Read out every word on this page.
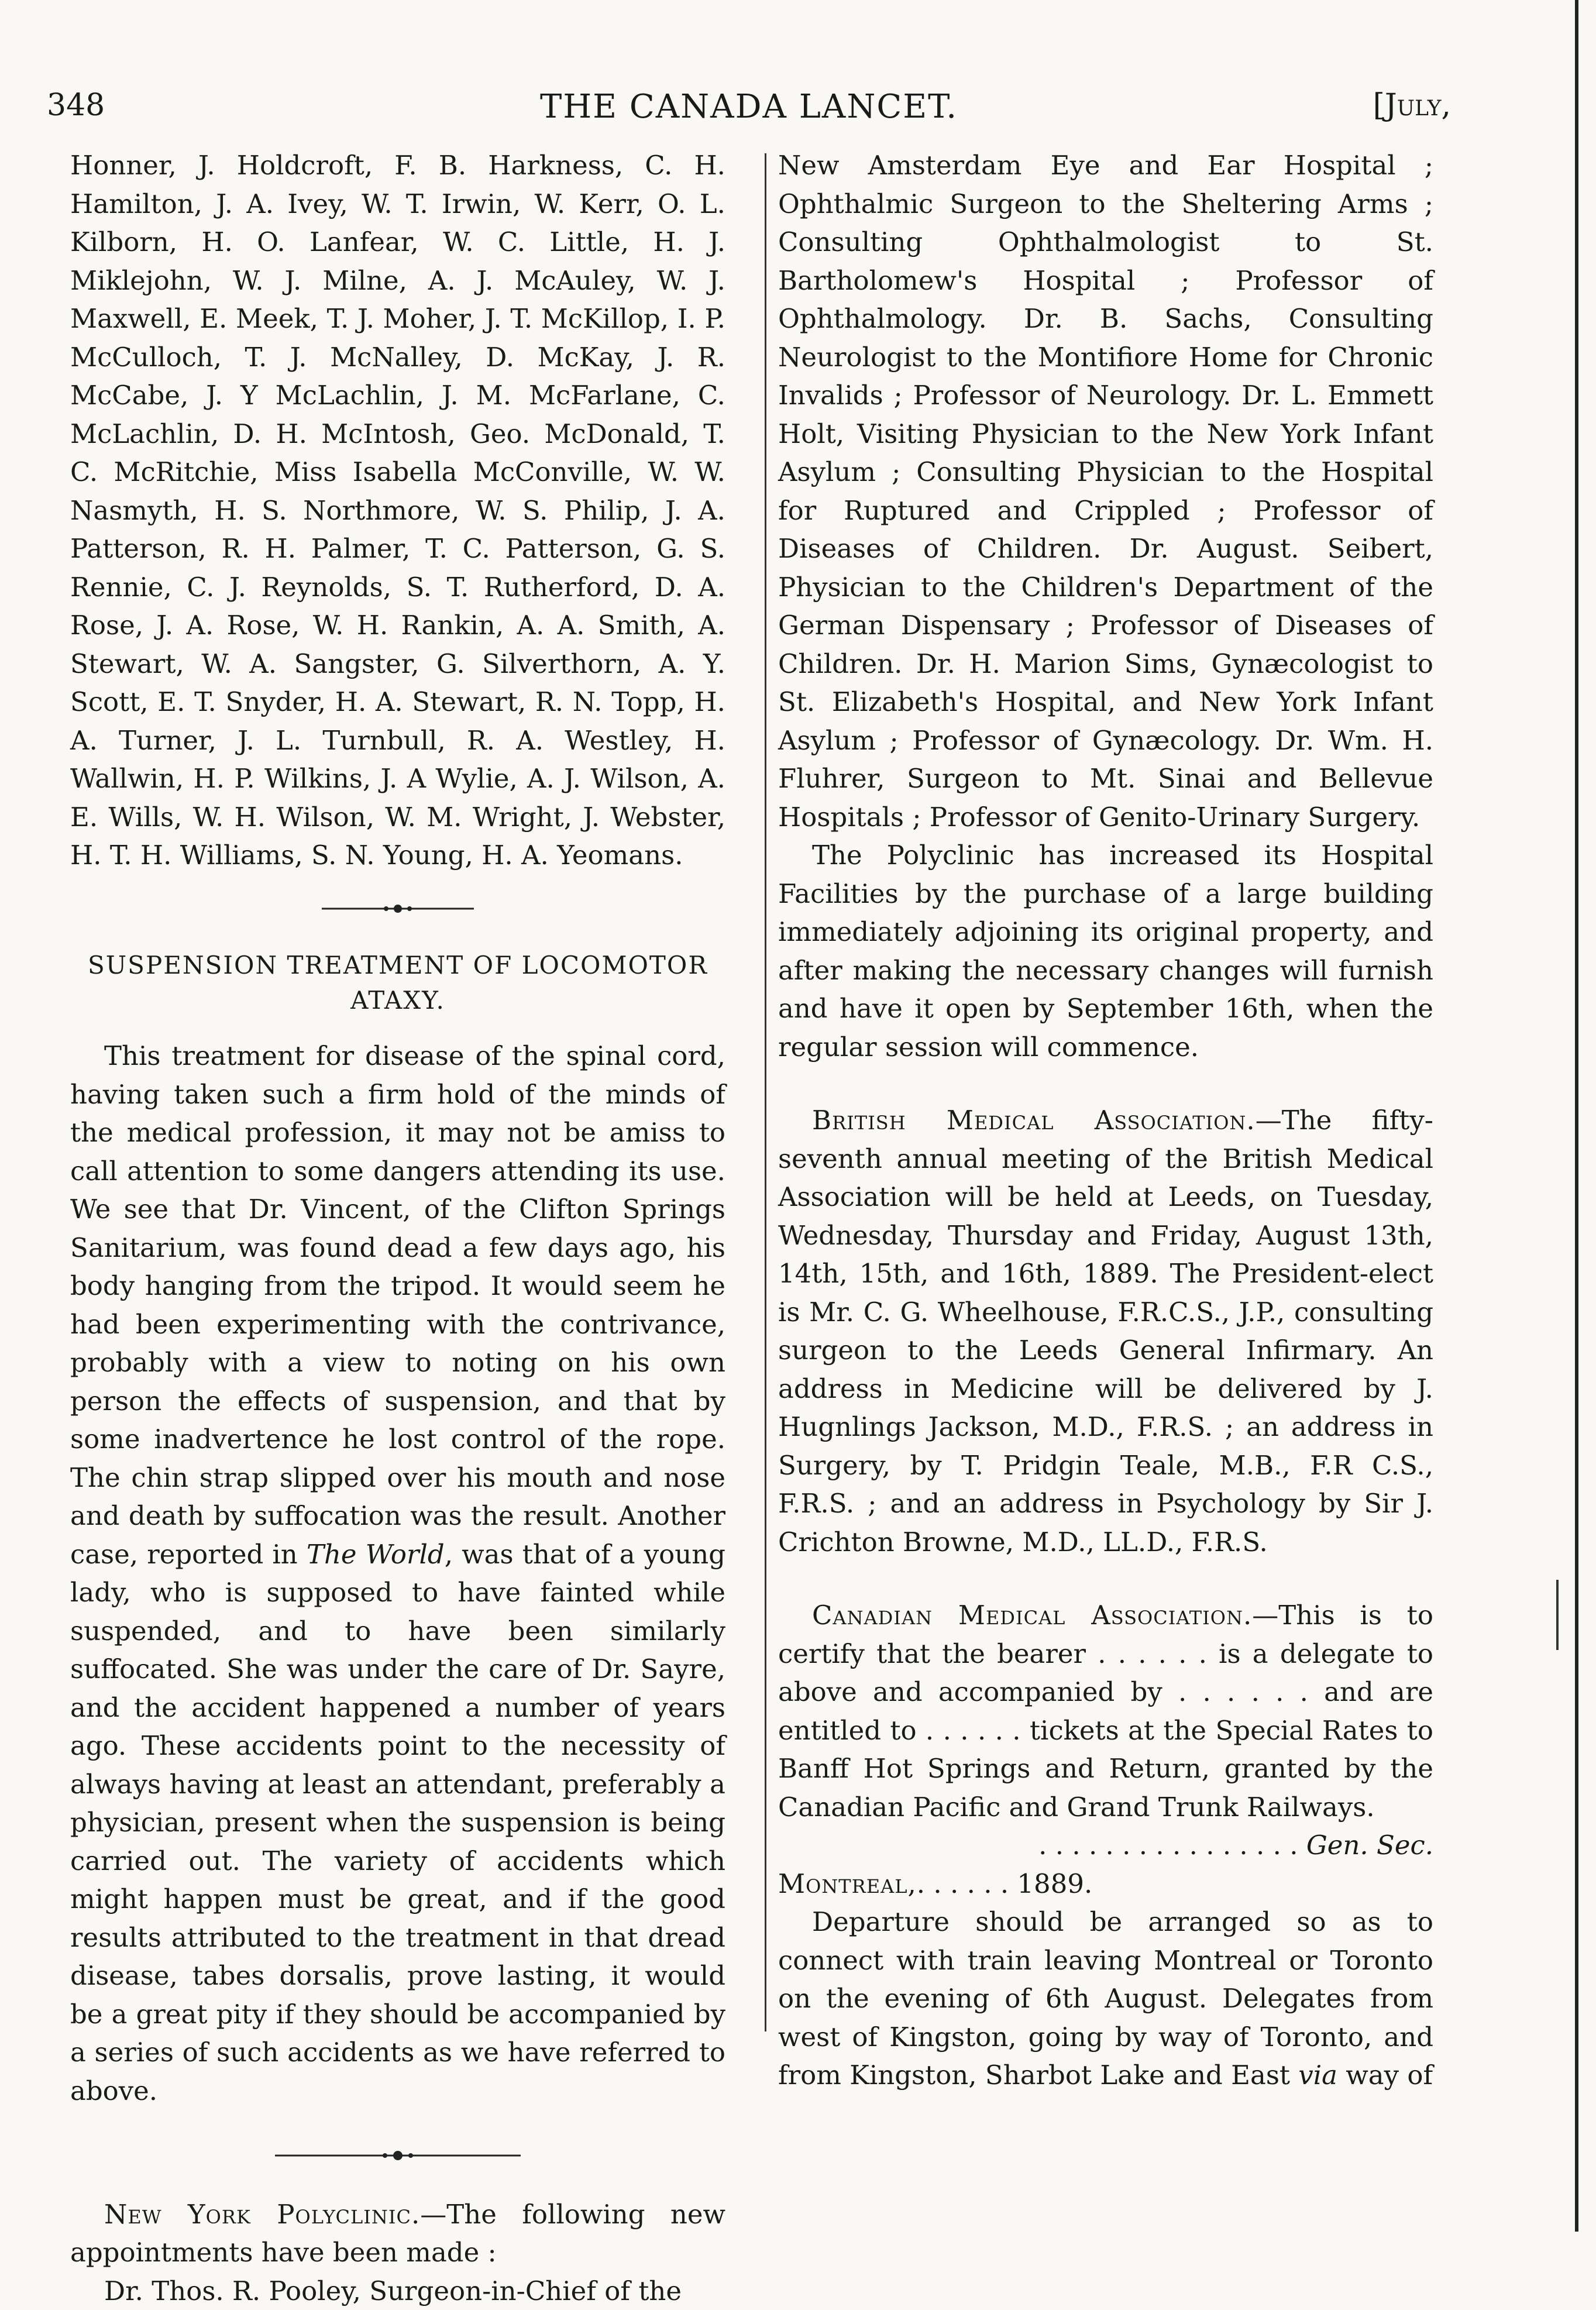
348	THE CANADA LANCET.	[July,

Honner, J. Holdcroft, F. B. Harkness, C. H. Hamilton, J. A. Ivey, W. T. Irwin, W. Kerr, O. L. Kilborn, H. O. Lanfear, W. C. Little, H. J. Miklejohn, W. J. Milne, A. J. McAuley, W. J. Maxwell, E. Meek, T. J. Moher, J. T. McKillop, I. P. McCulloch, T. J. McNalley, D. McKay, J. R. McCabe, J. Y McLachlin, J. M. McFarlane, C. McLachlin, D. H. McIntosh, Geo. McDonald, T. C. McRitchie, Miss Isabella McConville, W. W. Nasmyth, H. S. Northmore, W. S. Philip, J. A. Patterson, R. H. Palmer, T. C. Patterson, G. S. Rennie, C. J. Reynolds, S. T. Rutherford, D. A. Rose, J. A. Rose, W. H. Rankin, A. A. Smith, A. Stewart, W. A. Sangster, G. Silverthorn, A. Y. Scott, E. T. Snyder, H. A. Stewart, R. N. Topp, H. A. Turner, J. L. Turnbull, R. A. Westley, H. Wallwin, H. P. Wilkins, J. A Wylie, A. J. Wilson, A. E. Wills, W. H. Wilson, W. M. Wright, J. Webster, H. T. H. Williams, S. N. Young, H. A. Yeomans.

SUSPENSION TREATMENT OF LOCOMOTOR ATAXY.

This treatment for disease of the spinal cord, having taken such a firm hold of the minds of the medical profession, it may not be amiss to call attention to some dangers attending its use. We see that Dr. Vincent, of the Clifton Springs Sanitarium, was found dead a few days ago, his body hanging from the tripod. It would seem he had been experimenting with the contrivance, probably with a view to noting on his own person the effects of suspension, and that by some inadvertence he lost control of the rope. The chin strap slipped over his mouth and nose and death by suffocation was the result. Another case, reported in The World, was that of a young lady, who is supposed to have fainted while suspended, and to have been similarly suffocated. She was under the care of Dr. Sayre, and the accident happened a number of years ago. These accidents point to the necessity of always having at least an attendant, preferably a physician, present when the suspension is being carried out. The variety of accidents which might happen must be great, and if the good results attributed to the treatment in that dread disease, tabes dorsalis, prove lasting, it would be a great pity if they should be accompanied by a series of such accidents as we have referred to above.

New York Polyclinic.—The following new appointments have been made :

Dr. Thos. R. Pooley, Surgeon-in-Chief of the

New Amsterdam Eye and Ear Hospital ; Ophthalmic Surgeon to the Sheltering Arms ; Consulting Ophthalmologist to St. Bartholomew's Hospital ; Professor of Ophthalmology. Dr. B. Sachs, Consulting Neurologist to the Montifiore Home for Chronic Invalids ; Professor of Neurology. Dr. L. Emmett Holt, Visiting Physician to the New York Infant Asylum ; Consulting Physician to the Hospital for Ruptured and Crippled ; Professor of Diseases of Children. Dr. August. Seibert, Physician to the Children's Department of the German Dispensary ; Professor of Diseases of Children. Dr. H. Marion Sims, Gynæcologist to St. Elizabeth's Hospital, and New York Infant Asylum ; Professor of Gynæcology. Dr. Wm. H. Fluhrer, Surgeon to Mt. Sinai and Bellevue Hospitals ; Professor of Genito-Urinary Surgery.

The Polyclinic has increased its Hospital Facilities by the purchase of a large building immediately adjoining its original property, and after making the necessary changes will furnish and have it open by September 16th, when the regular session will commence.

British Medical Association.—The fifty-seventh annual meeting of the British Medical Association will be held at Leeds, on Tuesday, Wednesday, Thursday and Friday, August 13th, 14th, 15th, and 16th, 1889. The President-elect is Mr. C. G. Wheelhouse, F.R.C.S., J.P., consulting surgeon to the Leeds General Infirmary. An address in Medicine will be delivered by J. Hugnlings Jackson, M.D., F.R.S. ; an address in Surgery, by T. Pridgin Teale, M.B., F.R C.S., F.R.S. ; and an address in Psychology by Sir J. Crichton Browne, M.D., LL.D., F.R.S.

Canadian Medical Association.—This is to certify that the bearer . . . . . . is a delegate to above and accompanied by . . . . . . and are entitled to . . . . . . tickets at the Special Rates to Banff Hot Springs and Return, granted by the Canadian Pacific and Grand Trunk Railways.

. . . . . . . . . . . . . . . . Gen. Sec.

Montreal,. . . . . . 1889.

Departure should be arranged so as to connect with train leaving Montreal or Toronto on the evening of 6th August. Delegates from west of Kingston, going by way of Toronto, and from Kingston, Sharbot Lake and East via way of
